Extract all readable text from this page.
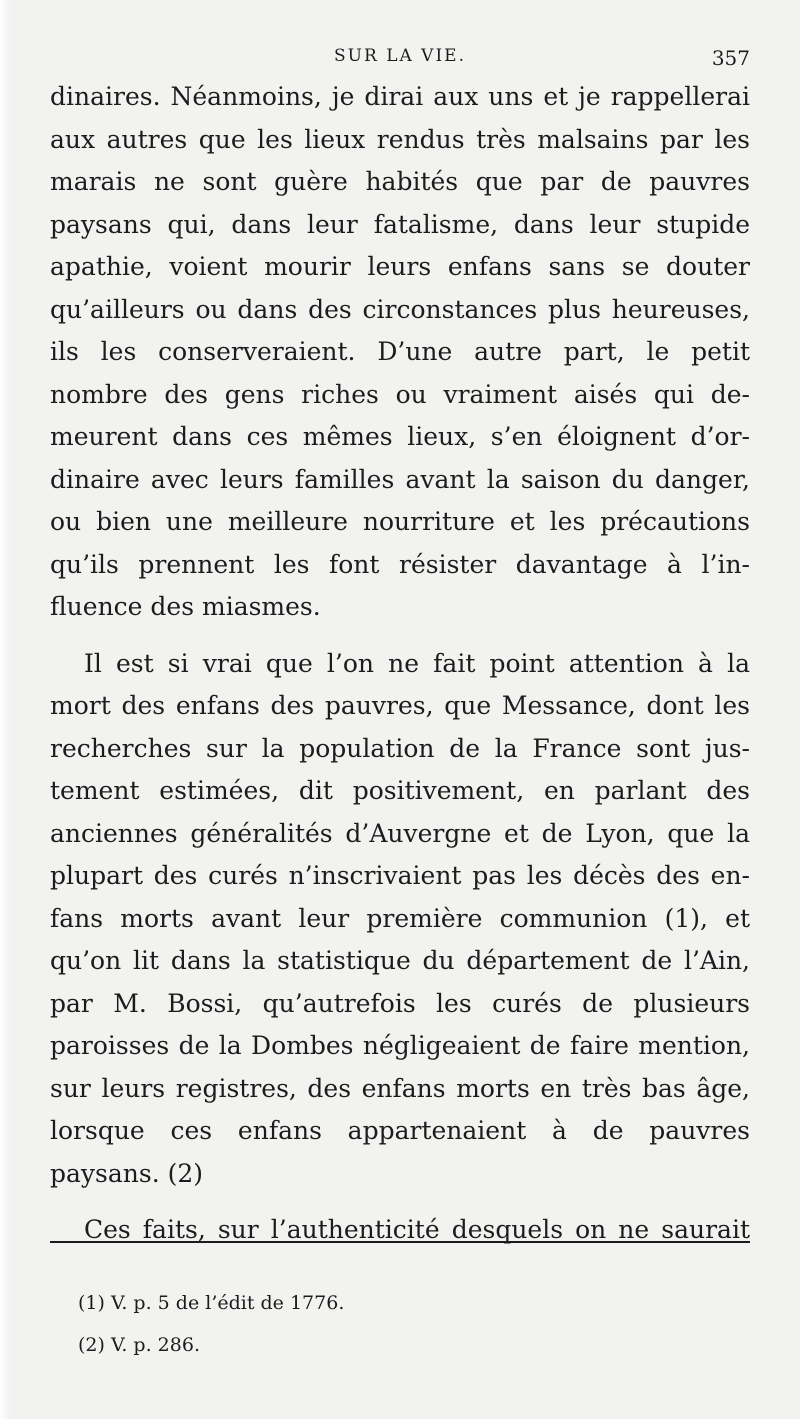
SUR LA VIE.	357
dinaires. Néanmoins, je dirai aux uns et je rappellerai
aux autres que les lieux rendus très malsains par les
marais ne sont guère habités que par de pauvres
paysans qui, dans leur fatalisme, dans leur stupide
apathie, voient mourir leurs enfans sans se douter
qu’ailleurs ou dans des circonstances plus heureuses,
ils les conserveraient. D’une autre part, le petit
nombre des gens riches ou vraiment aisés qui de-
meurent dans ces mêmes lieux, s’en éloignent d’or-
dinaire avec leurs familles avant la saison du danger,
ou bien une meilleure nourriture et les précautions
qu’ils prennent les font résister davantage à l’in-
fluence des miasmes.
Il est si vrai que l’on ne fait point attention à la
mort des enfans des pauvres, que Messance, dont les
recherches sur la population de la France sont jus-
tement estimées, dit positivement, en parlant des
anciennes généralités d’Auvergne et de Lyon, que la
plupart des curés n’inscrivaient pas les décès des en-
fans morts avant leur première communion (1), et
qu’on lit dans la statistique du département de l’Ain,
par M. Bossi, qu’autrefois les curés de plusieurs
paroisses de la Dombes négligeaient de faire mention,
sur leurs registres, des enfans morts en très bas âge,
lorsque ces enfans appartenaient à de pauvres
paysans. (2)
Ces faits, sur l’authenticité desquels on ne saurait
(1) V. p. 5 de l’édit de 1776.
(2) V. p. 286.
